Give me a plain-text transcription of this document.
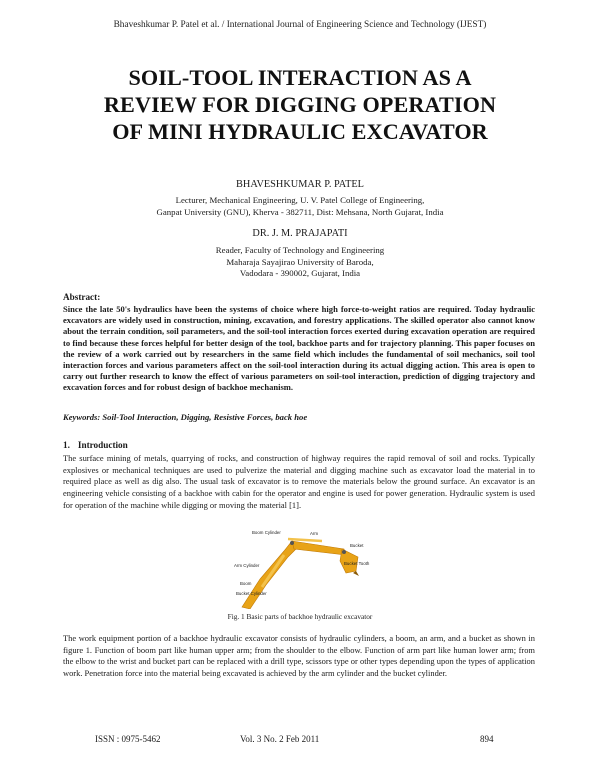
Bhaveshkumar P. Patel et al. / International Journal of Engineering Science and Technology (IJEST)
SOIL-TOOL INTERACTION AS A
REVIEW FOR DIGGING OPERATION
OF MINI HYDRAULIC EXCAVATOR
BHAVESHKUMAR P. PATEL
Lecturer, Mechanical Engineering, U. V. Patel College of Engineering,
Ganpat University (GNU), Kherva - 382711, Dist: Mehsana, North Gujarat, India
DR. J. M. PRAJAPATI
Reader, Faculty of Technology and Engineering
Maharaja Sayajirao University of Baroda,
Vadodara - 390002, Gujarat, India
Abstract:
Since the late 50's hydraulics have been the systems of choice where high force-to-weight ratios are required. Today hydraulic excavators are widely used in construction, mining, excavation, and forestry applications. The skilled operator also cannot know about the terrain condition, soil parameters, and the soil-tool interaction forces exerted during excavation operation are required to find because these forces helpful for better design of the tool, backhoe parts and for trajectory planning. This paper focuses on the review of a work carried out by researchers in the same field which includes the fundamental of soil mechanics, soil tool interaction forces and various parameters affect on the soil-tool interaction during its actual digging action. This area is open to carry out further research to know the effect of various parameters on soil-tool interaction, prediction of digging trajectory and excavation forces and for robust design of backhoe mechanism.
Keywords: Soil-Tool Interaction, Digging, Resistive Forces, back hoe
1. Introduction
The surface mining of metals, quarrying of rocks, and construction of highway requires the rapid removal of soil and rocks. Typically explosives or mechanical techniques are used to pulverize the material and digging machine such as excavator load the material in to required place as well as dig also. The usual task of excavator is to remove the materials below the ground surface. An excavator is an engineering vehicle consisting of a backhoe with cabin for the operator and engine is used for power generation. Hydraulic system is used for operation of the machine while digging or moving the material [1].
Boom Cylinder	Arm
Bucket
Bucket Tooth
Arm Cylinder
Boom
Bucket Cylinder
Fig. 1 Basic parts of backhoe hydraulic excavator
The work equipment portion of a backhoe hydraulic excavator consists of hydraulic cylinders, a boom, an arm, and a bucket as shown in figure 1. Function of boom part like human upper arm; from the shoulder to the elbow. Function of arm part like human lower arm; from the elbow to the wrist and bucket part can be replaced with a drill type, scissors type or other types depending upon the types of application work. Penetration force into the material being excavated is achieved by the arm cylinder and the bucket cylinder.
ISSN : 0975-5462	Vol. 3 No. 2 Feb 2011	894
